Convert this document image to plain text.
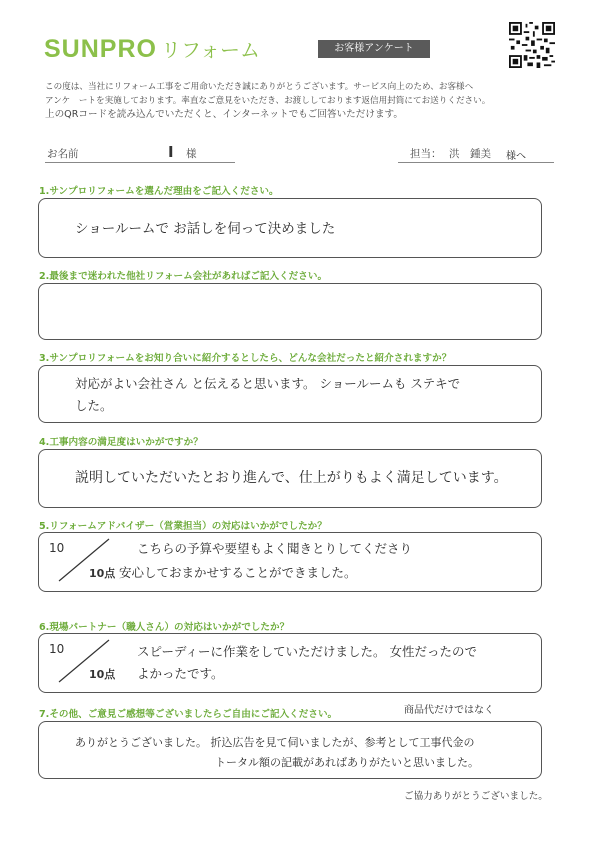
SUNPRO リフォーム	お客様アンケート

この度は、当社にリフォーム工事をご用命いただき誠にありがとうございます。サービス向上のため、お客様へ

アンケ　ートを実施しております。率直なご意見をいただき、お渡ししております返信用封筒にてお送りください。

上のQRコードを読み込んでいただくと、インターネットでもご回答いただけます。

お名前	I 様	担当： 洪　鍾美 様へ
1.サンプロリフォームを選んだ理由をご記入ください。
ショールームで お話しを伺って決めました
2.最後まで迷われた他社リフォーム会社があればご記入ください。
3.サンプロリフォームをお知り合いに紹介するとしたら、どんな会社だったと紹介されますか？
対応がよい会社さん と伝えると思います。 ショールームも ステキで
した。
4.工事内容の満足度はいかがですか？
説明していただいたとおり進んで、仕上がりもよく満足しています。
5.リフォームアドバイザー（営業担当）の対応はいかがでしたか？
10
10点
こちらの予算や要望もよく聞きとりしてくださり
安心しておまかせすることができました。
6.現場パートナー（職人さん）の対応はいかがでしたか？
10
10点
スピーディーに作業をしていただけました。 女性だったので
よかったです。
7.その他、ご意見ご感想等ございましたらご自由にご記入ください。	商品代だけではなく
ありがとうございました。 折込広告を見て伺いましたが、参考として工事代金の
トータル額の記載があればありがたいと思いました。
ご協力ありがとうございました。
